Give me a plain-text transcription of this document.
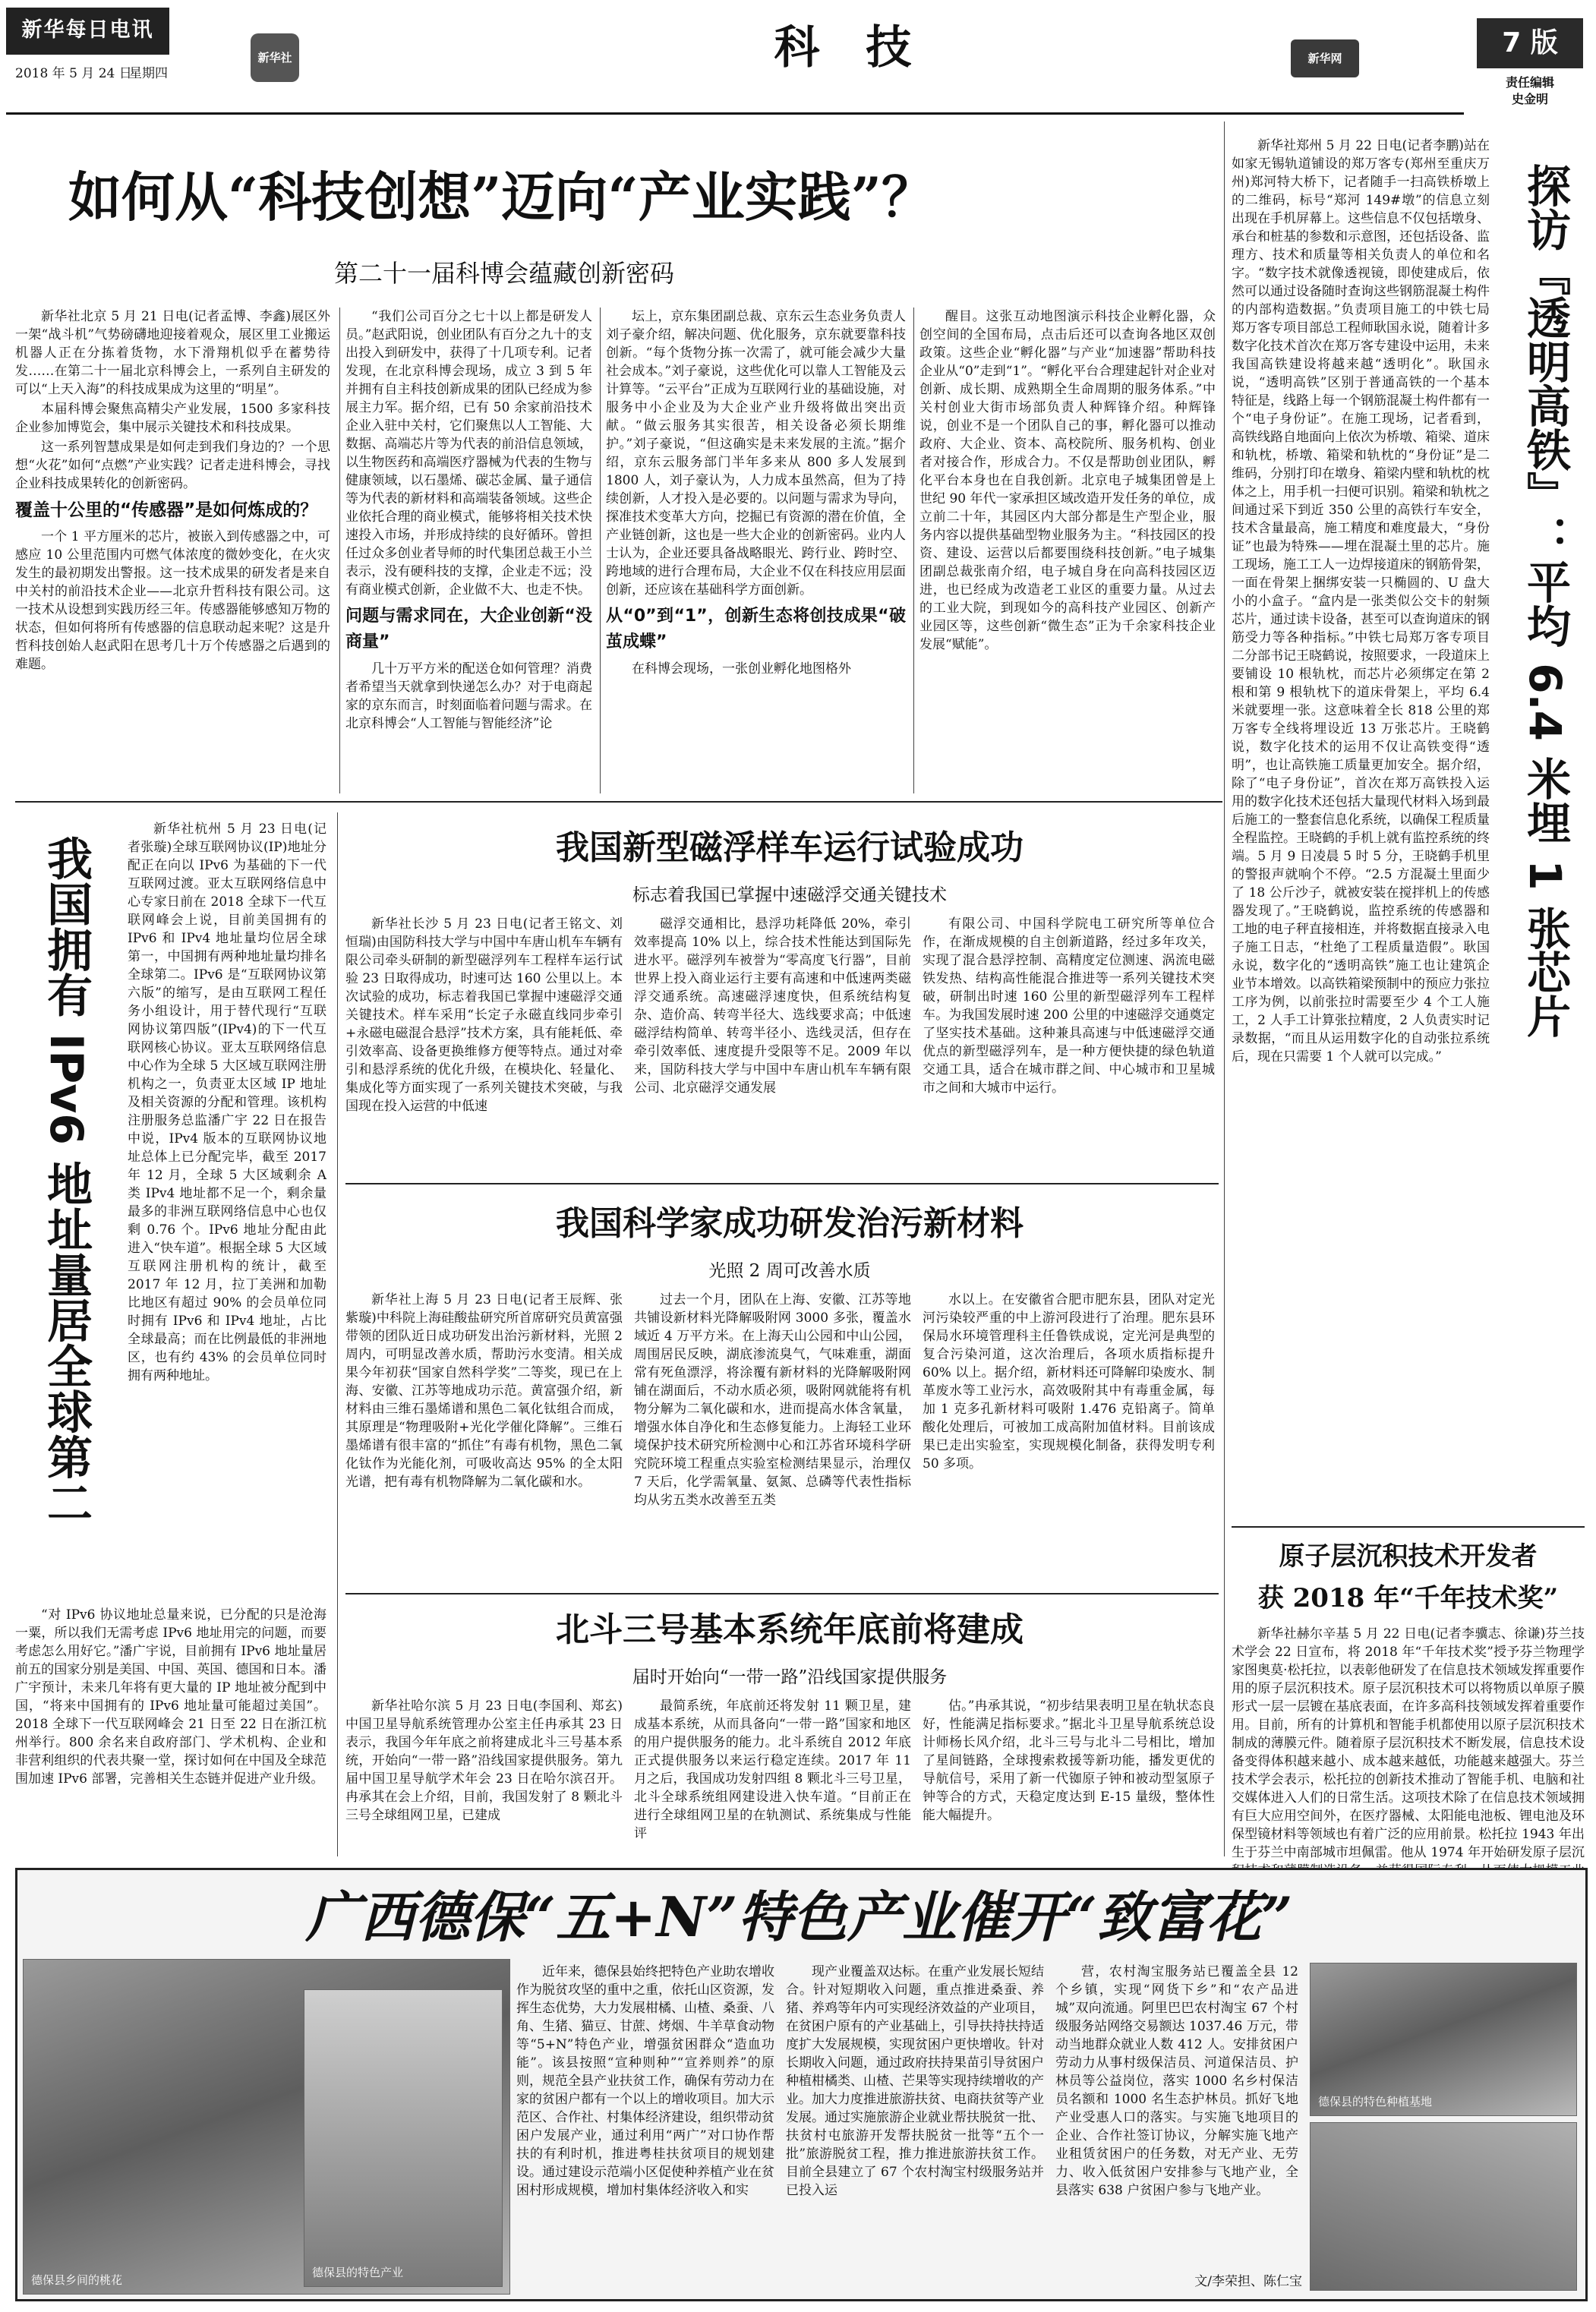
新华每日电讯
2018 年 5 月 24 日
星期四
新华社	科 技	新华网	7 版
责任编辑
史金明
如何从“科技创想”迈向“产业实践”？
第二十一届科博会蕴藏创新密码

新华社北京 5 月 21 日电(记者孟博、李鑫)展区外一架“战斗机”气势磅礴地迎接着观众，展区里工业搬运机器人正在分拣着货物，水下滑翔机似乎在蓄势待发……在第二十一届北京科博会上，一系列自主研发的可以“上天入海”的科技成果成为这里的“明星”。

本届科博会聚焦高精尖产业发展，1500 多家科技企业参加博览会，集中展示关键技术和科技成果。

这一系列智慧成果是如何走到我们身边的？一个思想“火花”如何“点燃”产业实践？记者走进科博会，寻找企业科技成果转化的创新密码。

覆盖十公里的“传感器”是如何炼成的？

一个 1 平方厘米的芯片，被嵌入到传感器之中，可感应 10 公里范围内可燃气体浓度的微妙变化，在火灾发生的最初期发出警报。这一技术成果的研发者是来自中关村的前沿技术企业——北京升哲科技有限公司。这一技术从设想到实践历经三年。传感器能够感知万物的状态，但如何将所有传感器的信息联动起来呢？这是升哲科技创始人赵武阳在思考几十万个传感器之后遇到的难题。

“我们公司百分之七十以上都是研发人员。”赵武阳说，创业团队有百分之九十的支出投入到研发中，获得了十几项专利。记者发现，在北京科博会现场，成立 3 到 5 年并拥有自主科技创新成果的团队已经成为参展主力军。据介绍，已有 50 余家前沿技术企业入驻中关村，它们聚焦以人工智能、大数据、高端芯片等为代表的前沿信息领域，以生物医药和高端医疗器械为代表的生物与健康领域，以石墨烯、碳芯金属、量子通信等为代表的新材料和高端装备领域。这些企业依托合理的商业模式，能够将相关技术快速投入市场，并形成持续的良好循环。曾担任过众多创业者导师的时代集团总裁王小兰表示，没有硬科技的支撑，企业走不远；没有商业模式创新，企业做不大、也走不快。

问题与需求同在，大企业创新“没商量”

几十万平方米的配送仓如何管理？消费者希望当天就拿到快递怎么办？对于电商起家的京东而言，时刻面临着问题与需求。在北京科博会“人工智能与智能经济”论

坛上，京东集团副总裁、京东云生态业务负责人刘子豪介绍，解决问题、优化服务，京东就要靠科技创新。“每个货物分拣一次需了，就可能会减少大量社会成本。”刘子豪说，这些优化可以靠人工智能及云计算等。“云平台”正成为互联网行业的基础设施，对服务中小企业及为大企业产业升级将做出突出贡献。“做云服务其实很苦，相关设备必须长期维护。”刘子豪说，“但这确实是未来发展的主流。”据介绍，京东云服务部门半年多来从 800 多人发展到 1800 人，刘子豪认为，人力成本虽然高，但为了持续创新，人才投入是必要的。以问题与需求为导向，探准技术变革大方向，挖掘已有资源的潜在价值，全产业链创新，这也是一些大企业的创新密码。业内人士认为，企业还要具备战略眼光、跨行业、跨时空、跨地域的进行合理布局，大企业不仅在科技应用层面创新，还应该在基础科学方面创新。

从“0”到“1”，创新生态将创技成果“破茧成蝶”

在科博会现场，一张创业孵化地图格外

醒目。这张互动地图演示科技企业孵化器，众创空间的全国布局，点击后还可以查询各地区双创政策。这些企业“孵化器”与产业“加速器”帮助科技企业从“0”走到“1”。“孵化平台合理建起针对企业对创新、成长期、成熟期全生命周期的服务体系。”中关村创业大街市场部负责人种辉锋介绍。种辉锋说，创业不是一个团队自己的事，孵化器可以推动政府、大企业、资本、高校院所、服务机构、创业者对接合作，形成合力。不仅是帮助创业团队，孵化平台本身也在自我创新。北京电子城集团曾是上世纪 90 年代一家承担区域改造开发任务的单位，成立前二十年，其园区内大部分都是生产型企业，服务内容以提供基础型物业服务为主。“科技园区的投资、建设、运营以后都要围绕科技创新。”电子城集团副总裁张南介绍，电子城自身在向高科技园区迈进，也已经成为改造老工业区的重要力量。从过去的工业大院，到现如今的高科技产业园区、创新产业园区等，这些创新“微生态”正为千余家科技企业发展“赋能”。

我国拥有 IPv6 地址量居全球第二

新华社杭州 5 月 23 日电(记者张璇)全球互联网协议(IP)地址分配正在向以 IPv6 为基础的下一代互联网过渡。亚太互联网络信息中心专家日前在 2018 全球下一代互联网峰会上说，目前美国拥有的 IPv6 和 IPv4 地址量均位居全球第一，中国拥有两种地址量均排名全球第二。IPv6 是“互联网协议第六版”的缩写，是由互联网工程任务小组设计，用于替代现行“互联网协议第四版”(IPv4)的下一代互联网核心协议。亚太互联网络信息中心作为全球 5 大区域互联网注册机构之一，负责亚太区域 IP 地址及相关资源的分配和管理。该机构注册服务总监潘广宇 22 日在报告中说，IPv4 版本的互联网协议地址总体上已分配完毕，截至 2017 年 12 月，全球 5 大区域剩余 A 类 IPv4 地址都不足一个，剩余量最多的非洲互联网络信息中心也仅剩 0.76 个。IPv6 地址分配由此进入“快车道”。根据全球 5 大区域互联网注册机构的统计，截至 2017 年 12 月，拉丁美洲和加勒比地区有超过 90% 的会员单位同时拥有 IPv6 和 IPv4 地址，占比全球最高；而在比例最低的非洲地区，也有约 43% 的会员单位同时拥有两种地址。

“对 IPv6 协议地址总量来说，已分配的只是沧海一粟，所以我们无需考虑 IPv6 地址用完的问题，而要考虑怎么用好它。”潘广宇说，目前拥有 IPv6 地址量居前五的国家分别是美国、中国、英国、德国和日本。潘广宇预计，未来几年将有更大量的 IP 地址被分配到中国，“将来中国拥有的 IPv6 地址量可能超过美国”。2018 全球下一代互联网峰会 21 日至 22 日在浙江杭州举行。800 余名来自政府部门、学术机构、企业和非营利组织的代表共聚一堂，探讨如何在中国及全球范围加速 IPv6 部署，完善相关生态链并促进产业升级。

我国新型磁浮样车运行试验成功
标志着我国已掌握中速磁浮交通关键技术

新华社长沙 5 月 23 日电(记者王铭文、刘恒瑞)由国防科技大学与中国中车唐山机车车辆有限公司牵头研制的新型磁浮列车工程样车运行试验 23 日取得成功，时速可达 160 公里以上。本次试验的成功，标志着我国已掌握中速磁浮交通关键技术。样车采用“长定子永磁直线同步牵引+永磁电磁混合悬浮”技术方案，具有能耗低、牵引效率高、设备更换维修方便等特点。通过对牵引和悬浮系统的优化升级，在模块化、轻量化、集成化等方面实现了一系列关键技术突破，与我国现在投入运营的中低速

磁浮交通相比，悬浮功耗降低 20%，牵引效率提高 10% 以上，综合技术性能达到国际先进水平。磁浮列车被誉为“零高度飞行器”，目前世界上投入商业运行主要有高速和中低速两类磁浮交通系统。高速磁浮速度快，但系统结构复杂、造价高、转弯半径大、选线要求高；中低速磁浮结构简单、转弯半径小、选线灵活，但存在牵引效率低、速度提升受限等不足。2009 年以来，国防科技大学与中国中车唐山机车车辆有限公司、北京磁浮交通发展

有限公司、中国科学院电工研究所等单位合作，在渐成规模的自主创新道路，经过多年攻关，实现了混合悬浮控制、高精度定位测速、涡流电磁铁发热、结构高性能混合推进等一系列关键技术突破，研制出时速 160 公里的新型磁浮列车工程样车。为我国发展时速 200 公里的中速磁浮交通奠定了坚实技术基础。这种兼具高速与中低速磁浮交通优点的新型磁浮列车，是一种方便快捷的绿色轨道交通工具，适合在城市群之间、中心城市和卫星城市之间和大城市中运行。

我国科学家成功研发治污新材料
光照 2 周可改善水质

新华社上海 5 月 23 日电(记者王辰辉、张紫璇)中科院上海硅酸盐研究所首席研究员黄富强带领的团队近日成功研发出治污新材料，光照 2 周内，可明显改善水质，帮助污水变清。相关成果今年初获“国家自然科学奖”二等奖，现已在上海、安徽、江苏等地成功示范。黄富强介绍，新材料由三维石墨烯谱和黑色二氧化钛组合而成，其原理是“物理吸附+光化学催化降解”。三维石墨烯谱有很丰富的“抓住”有毒有机物，黑色二氧化钛作为光能化剂，可吸收高达 95% 的全太阳光谱，把有毒有机物降解为二氧化碳和水。

过去一个月，团队在上海、安徽、江苏等地共铺设新材料光降解吸附网 3000 多张，覆盖水域近 4 万平方米。在上海天山公园和中山公园，周围居民反映，湖底渗流臭气，气味难重，湖面常有死鱼漂浮，将涂覆有新材料的光降解吸附网铺在湖面后，不动水质必须，吸附网就能将有机物分解为二氧化碳和水，进而提高水体含氧量，增强水体自净化和生态修复能力。上海轻工业环境保护技术研究所检测中心和江苏省环境科学研究院环境工程重点实验室检测结果显示，治理仅 7 天后，化学需氧量、氨氮、总磷等代表性指标均从劣五类水改善至五类

水以上。在安徽省合肥市肥东县，团队对定光河污染较严重的中上游河段进行了治理。肥东县环保局水环境管理科主任鲁铁成说，定光河是典型的复合污染河道，这次治理后，各项水质指标提升 60% 以上。据介绍，新材料还可降解印染废水、制革废水等工业污水，高效吸附其中有毒重金属，每加 1 克多孔新材料可吸附 1.476 克铅离子。简单酸化处理后，可被加工成高附加值材料。目前该成果已走出实验室，实现规模化制备，获得发明专利 50 多项。

北斗三号基本系统年底前将建成
届时开始向“一带一路”沿线国家提供服务

新华社哈尔滨 5 月 23 日电(李国利、郑玄)中国卫星导航系统管理办公室主任冉承其 23 日表示，我国今年年底之前将建成北斗三号基本系统，开始向“一带一路”沿线国家提供服务。第九届中国卫星导航学术年会 23 日在哈尔滨召开。冉承其在会上介绍，目前，我国发射了 8 颗北斗三号全球组网卫星，已建成

最简系统，年底前还将发射 11 颗卫星，建成基本系统，从而具备向“一带一路”国家和地区的用户提供服务的能力。北斗系统自 2012 年底正式提供服务以来运行稳定连续。2017 年 11 月之后，我国成功发射四组 8 颗北斗三号卫星，北斗全球系统组网建设进入快车道。“目前正在进行全球组网卫星的在轨测试、系统集成与性能评

估。”冉承其说，“初步结果表明卫星在轨状态良好，性能满足指标要求。”据北斗卫星导航系统总设计师杨长风介绍，北斗三号与北斗二号相比，增加了星间链路，全球搜索救援等新功能，播发更优的导航信号，采用了新一代铷原子钟和被动型氢原子钟等合的方式，天稳定度达到 E-15 量级，整体性能大幅提升。

新华社郑州 5 月 22 日电(记者李鹏)站在如家无锡轨道铺设的郑万客专(郑州至重庆万州)郑河特大桥下，记者随手一扫高铁桥墩上的二维码，标号“郑河 149#墩”的信息立刻出现在手机屏幕上。这些信息不仅包括墩身、承台和桩基的参数和示意图，还包括设备、监理方、技术和质量等相关负责人的单位和名字。“数字技术就像透视镜，即使建成后，依然可以通过设备随时查询这些钢筋混凝土构件的内部构造数据。”负责项目施工的中铁七局郑万客专项目部总工程师耿国永说，随着计多数字化技术首次在郑万客专建设中运用，未来我国高铁建设将越来越“透明化”。耿国永说，“透明高铁”区别于普通高铁的一个基本特征是，线路上每一个钢筋混凝土构件都有一个“电子身份证”。在施工现场，记者看到，高铁线路自地面向上依次为桥墩、箱梁、道床和轨枕，桥墩、箱梁和轨枕的“身份证”是二维码，分别打印在墩身、箱梁内壁和轨枕的枕体之上，用手机一扫便可识别。箱梁和轨枕之间通过采下到近 350 公里的高铁行车安全，技术含量最高，施工精度和难度最大，“身份证”也最为特殊——埋在混凝土里的芯片。施工现场，施工工人一边焊接道床的钢筋骨架，一面在骨架上捆绑安装一只椭圆的、U 盘大小的小盒子。“盒内是一张类似公交卡的射频芯片，通过读卡设备，甚至可以查询道床的钢筋受力等各种指标。”中铁七局郑万客专项目二分部书记王晓鹤说，按照要求，一段道床上要铺设 10 根轨枕，而芯片必须绑定在第 2 根和第 9 根轨枕下的道床骨架上，平均 6.4 米就要埋一张。这意味着全长 818 公里的郑万客专全线将埋设近 13 万张芯片。王晓鹤说，数字化技术的运用不仅让高铁变得“透明”，也让高铁施工质量更加安全。据介绍，除了“电子身份证”，首次在郑万高铁投入运用的数字化技术还包括大量现代材料入场到最后施工的一整套信息化系统，以确保工程质量全程监控。王晓鹤的手机上就有监控系统的终端。5 月 9 日凌晨 5 时 5 分，王晓鹤手机里的警报声就响个不停。“2.5 方混凝土里面少了 18 公斤沙子，就被安装在搅拌机上的传感器发现了。”王晓鹤说，监控系统的传感器和工地的电子秤直接相连，并将数据直接录入电子施工日志，“杜绝了工程质量造假”。耿国永说，数字化的“透明高铁”施工也让建筑企业节本增效。以高铁箱梁预制中的预应力张拉工序为例，以前张拉时需要至少 4 个工人施工，2 人手工计算张拉精度，2 人负责实时记录数据，“而且从运用数字化的自动张拉系统后，现在只需要 1 个人就可以完成。”

探访『透明高铁』：平均 6.4 米埋 1 张芯片
原子层沉积技术开发者
获 2018 年“千年技术奖”

新华社赫尔辛基 5 月 22 日电(记者李骥志、徐谦)芬兰技术学会 22 日宣布，将 2018 年“千年技术奖”授予芬兰物理学家图奥莫·松托拉，以表彰他研发了在信息技术领域发挥重要作用的原子层沉积技术。原子层沉积技术可以将物质以单原子膜形式一层一层镀在基底表面，在许多高科技领域发挥着重要作用。目前，所有的计算机和智能手机都使用以原子层沉积技术制成的薄膜元件。随着原子层沉积技术不断发展，信息技术设备变得体积越来越小、成本越来越低，功能越来越强大。芬兰技术学会表示，松托拉的创新技术推动了智能手机、电脑和社交媒体进入人们的日常生活。这项技术除了在信息技术领域拥有巨大应用空间外，在医疗器械、太阳能电池板、锂电池及环保型镜材料等领域也有着广泛的应用前景。松托拉 1943 年出生于芬兰中南部城市坦佩雷。他从 1974 年开始研发原子层沉

广西德保“五+N”特色产业催开“致富花”
德保县乡间的桃花
德保县的特色产业

近年来，德保县始终把特色产业助农增收作为脱贫攻坚的重中之重，依托山区资源，发挥生态优势，大力发展柑橘、山楂、桑蚕、八角、生猪、猫豆、甘蔗、烤烟、牛羊草食动物等“5+N”特色产业，增强贫困群众“造血功能”。该县按照“宣种则种”“宣养则养”的原则，规范全县产业扶贫工作，确保有劳动力在家的贫困户都有一个以上的增收项目。加大示范区、合作社、村集体经济建设，组织带动贫困户发展产业，通过利用“两广”对口协作帮扶的有利时机，推进粤桂扶贫项目的规划建设。通过建设示范端小区促使种养植产业在贫困村形成规模，增加村集体经济收入和实

现产业覆盖双达标。在重产业发展长短结合。针对短期收入问题，重点推进桑蚕、养猪、养鸡等年内可实现经济效益的产业项目，在贫困户原有的产业基础上，引导扶持扶持适度扩大发展规模，实现贫困户更快增收。针对长期收入问题，通过政府扶持果苗引导贫困户种植柑橘类、山楂、芒果等实现持续增收的产业。加大力度推进旅游扶贫、电商扶贫等产业发展。通过实施旅游企业就业帮扶脱贫一批、扶贫村屯旅游开发帮扶脱贫一批等“五个一批”旅游脱贫工程，推力推进旅游扶贫工作。目前全县建立了 67 个农村淘宝村级服务站并已投入运

营，农村淘宝服务站已覆盖全县 12 个乡镇，实现“网货下乡”和“农产品进城”双向流通。阿里巴巴农村淘宝 67 个村级服务站网络交易额达 1037.46 万元，带动当地群众就业人数 412 人。安排贫困户劳动力从事村级保洁员、河道保洁员、护林员等公益岗位，落实 1000 名乡村保洁员名额和 1000 名生态护林员。抓好飞地产业受惠人口的落实。与实施飞地项目的企业、合作社签订协议，分解实施飞地产业租赁贫困户的任务数，对无产业、无劳力、收入低贫困户安排参与飞地产业，全县落实 638 户贫困户参与飞地产业。

文/李荣担、陈仁宝
德保县的特色种植基地
